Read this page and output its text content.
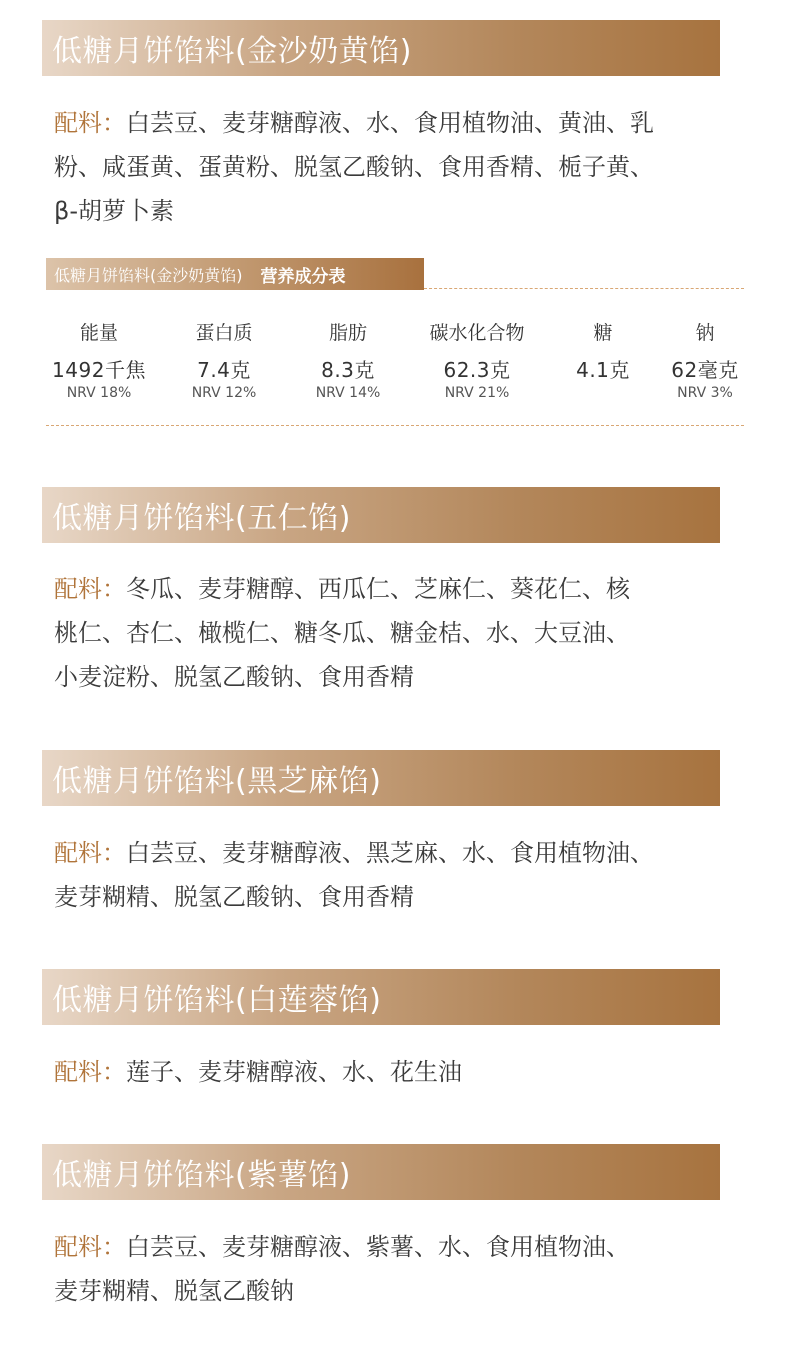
低糖月饼馅料(金沙奶黄馅)
配料：白芸豆、麦芽糖醇液、水、食用植物油、黄油、乳
粉、咸蛋黄、蛋黄粉、脱氢乙酸钠、食用香精、栀子黄、
β-胡萝卜素
低糖月饼馅料(金沙奶黄馅) 营养成分表
能量
1492千焦
NRV 18%
蛋白质
7.4克
NRV 12%
脂肪
8.3克
NRV 14%
碳水化合物
62.3克
NRV 21%
糖
4.1克
钠
62毫克
NRV 3%
低糖月饼馅料(五仁馅)
配料：冬瓜、麦芽糖醇、西瓜仁、芝麻仁、葵花仁、核
桃仁、杏仁、橄榄仁、糖冬瓜、糖金桔、水、大豆油、
小麦淀粉、脱氢乙酸钠、食用香精
低糖月饼馅料(黑芝麻馅)
配料：白芸豆、麦芽糖醇液、黑芝麻、水、食用植物油、
麦芽糊精、脱氢乙酸钠、食用香精
低糖月饼馅料(白莲蓉馅)
配料：莲子、麦芽糖醇液、水、花生油
低糖月饼馅料(紫薯馅)
配料：白芸豆、麦芽糖醇液、紫薯、水、食用植物油、
麦芽糊精、脱氢乙酸钠
